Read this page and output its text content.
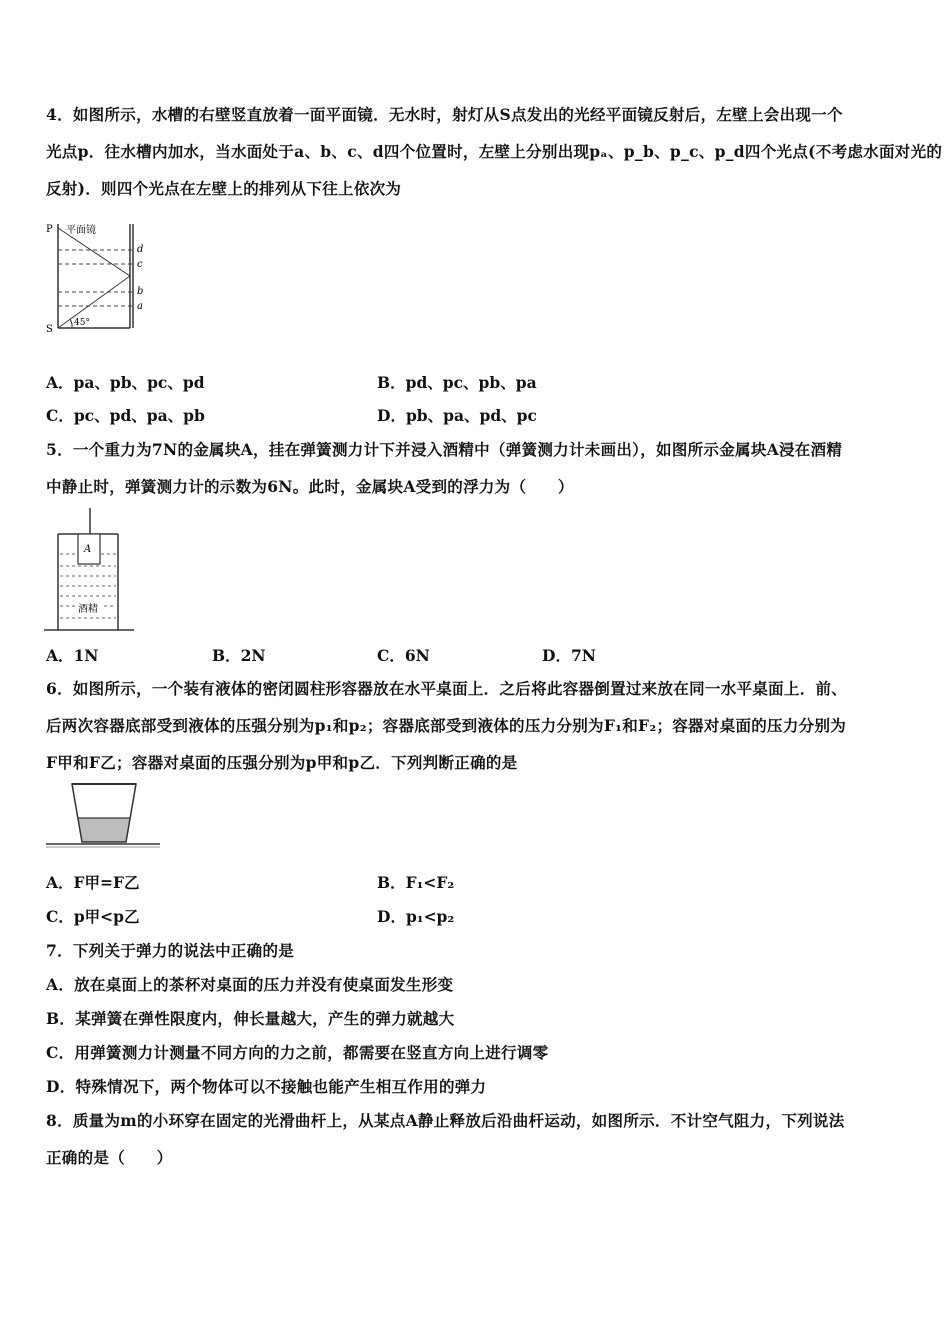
4．如图所示，水槽的右壁竖直放着一面平面镜．无水时，射灯从S点发出的光经平面镜反射后，左壁上会出现一个
光点p．往水槽内加水，当水面处于a、b、c、d四个位置时，左壁上分别出现pₐ、p_b、p_c、p_d四个光点(不考虑水面对光的
反射)．则四个光点在左壁上的排列从下往上依次为
P
S
平面镜
45°
d
c
b
a
A．pa、pb、pc、pd	B．pd、pc、pb、pa
C．pc、pd、pa、pb	D．pb、pa、pd、pc
5．一个重力为7N的金属块A，挂在弹簧测力计下并浸入酒精中（弹簧测力计未画出），如图所示金属块A浸在酒精
中静止时，弹簧测力计的示数为6N。此时，金属块A受到的浮力为（　　）
A
酒精
A．1N	B．2N	C．6N	D．7N
6．如图所示，一个装有液体的密闭圆柱形容器放在水平桌面上．之后将此容器倒置过来放在同一水平桌面上．前、
后两次容器底部受到液体的压强分别为p₁和p₂；容器底部受到液体的压力分别为F₁和F₂；容器对桌面的压力分别为
F甲和F乙；容器对桌面的压强分别为p甲和p乙．下列判断正确的是
A．F甲=F乙	B．F₁<F₂
C．p甲<p乙	D．p₁<p₂
7．下列关于弹力的说法中正确的是
A．放在桌面上的茶杯对桌面的压力并没有使桌面发生形变
B．某弹簧在弹性限度内，伸长量越大，产生的弹力就越大
C．用弹簧测力计测量不同方向的力之前，都需要在竖直方向上进行调零
D．特殊情况下，两个物体可以不接触也能产生相互作用的弹力
8．质量为m的小环穿在固定的光滑曲杆上，从某点A静止释放后沿曲杆运动，如图所示．不计空气阻力，下列说法
正确的是（　　）
